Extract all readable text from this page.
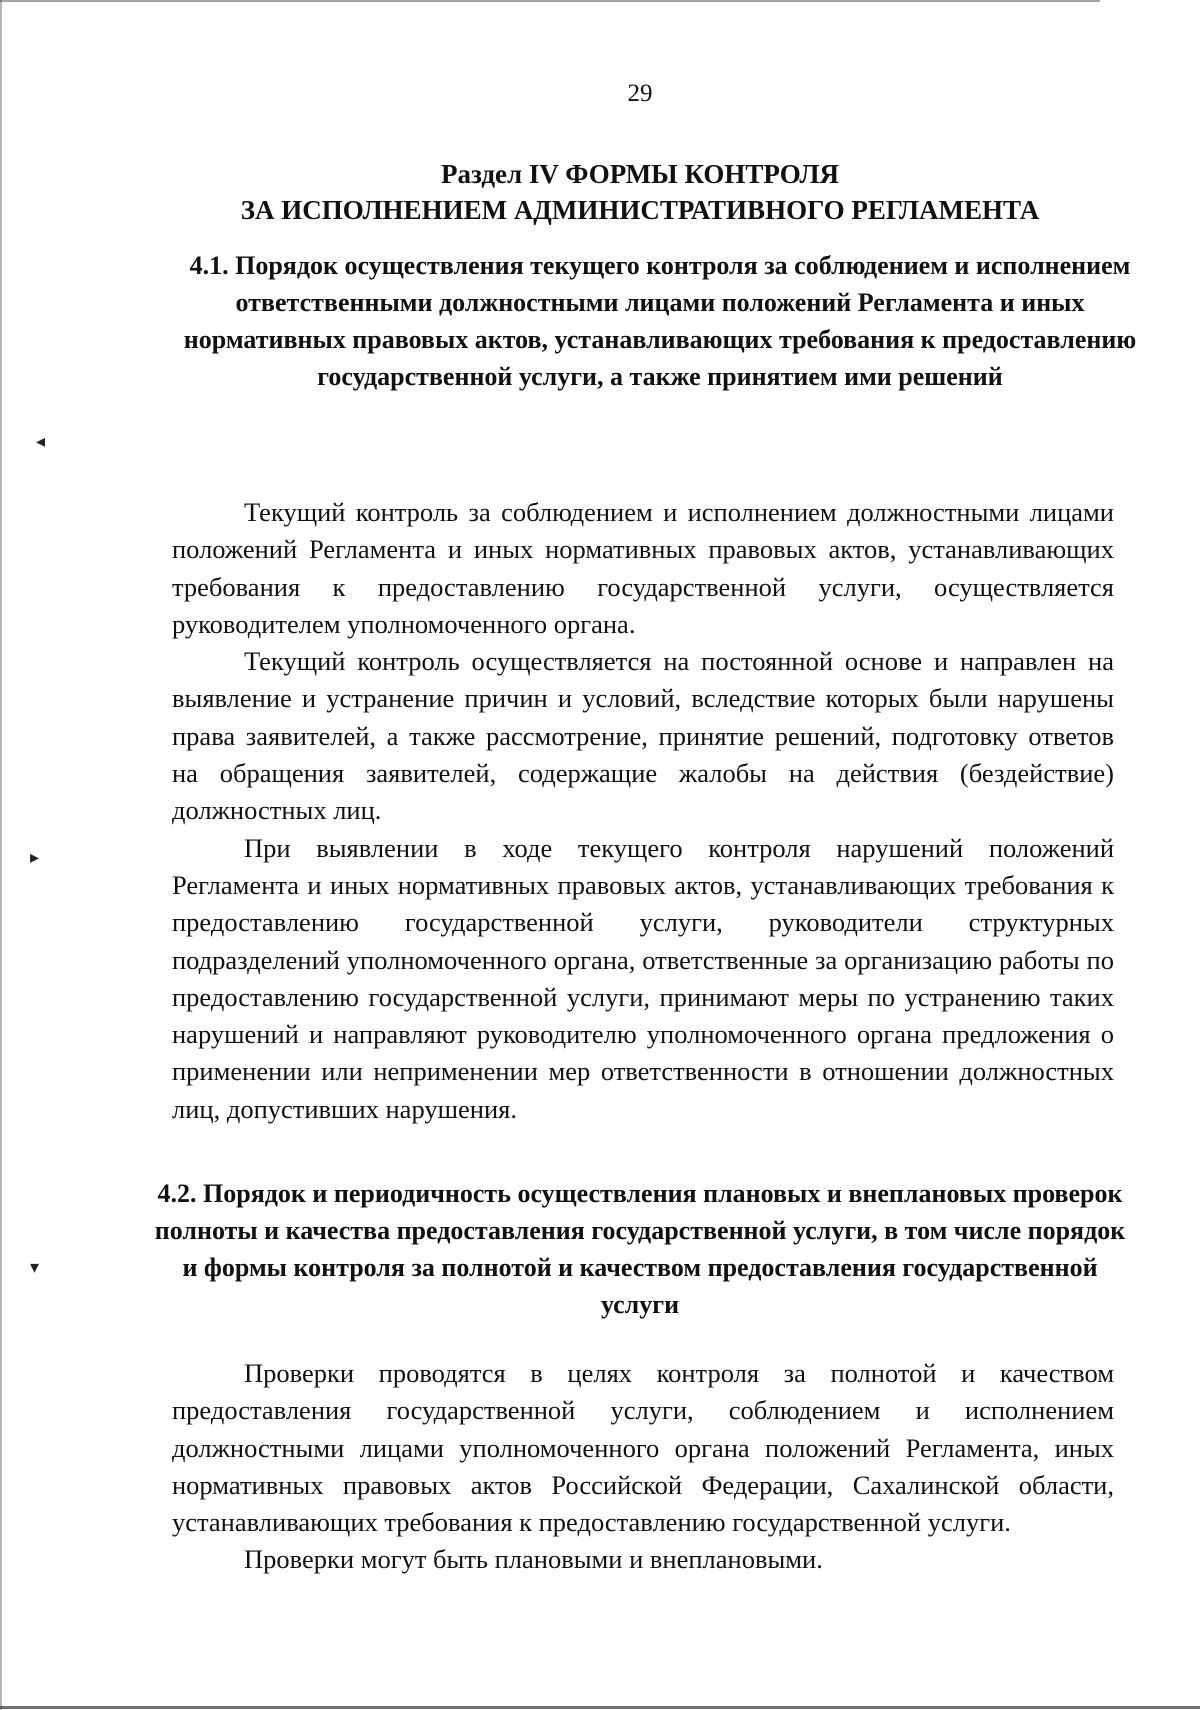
◂
▸
▾
29
Раздел IV ФОРМЫ КОНТРОЛЯ
ЗА ИСПОЛНЕНИЕМ АДМИНИСТРАТИВНОГО РЕГЛАМЕНТА
4.1. Порядок осуществления текущего контроля за соблюдением и исполнением ответственными должностными лицами положений Регламента и иных нормативных правовых актов, устанавливающих требования к предоставлению государственной услуги, а также принятием ими решений

Текущий контроль за соблюдением и исполнением должностными лицами положений Регламента и иных нормативных правовых актов, устанавливающих требования к предоставлению государственной услуги, осуществляется руководителем уполномоченного органа.

Текущий контроль осуществляется на постоянной основе и направлен на выявление и устранение причин и условий, вследствие которых были нарушены права заявителей, а также рассмотрение, принятие решений, подготовку ответов на обращения заявителей, содержащие жалобы на действия (бездействие) должностных лиц.

При выявлении в ходе текущего контроля нарушений положений Регламента и иных нормативных правовых актов, устанавливающих требования к предоставлению государственной услуги, руководители структурных подразделений уполномоченного органа, ответственные за организацию работы по предоставлению государственной услуги, принимают меры по устранению таких нарушений и направляют руководителю уполномоченного органа предложения о применении или неприменении мер ответственности в отношении должностных лиц, допустивших нарушения.

4.2. Порядок и периодичность осуществления плановых и внеплановых проверок полноты и качества предоставления государственной услуги, в том числе порядок и формы контроля за полнотой и качеством предоставления государственной услуги

Проверки проводятся в целях контроля за полнотой и качеством предоставления государственной услуги, соблюдением и исполнением должностными лицами уполномоченного органа положений Регламента, иных нормативных правовых актов Российской Федерации, Сахалинской области, устанавливающих требования к предоставлению государственной услуги.

Проверки могут быть плановыми и внеплановыми.
